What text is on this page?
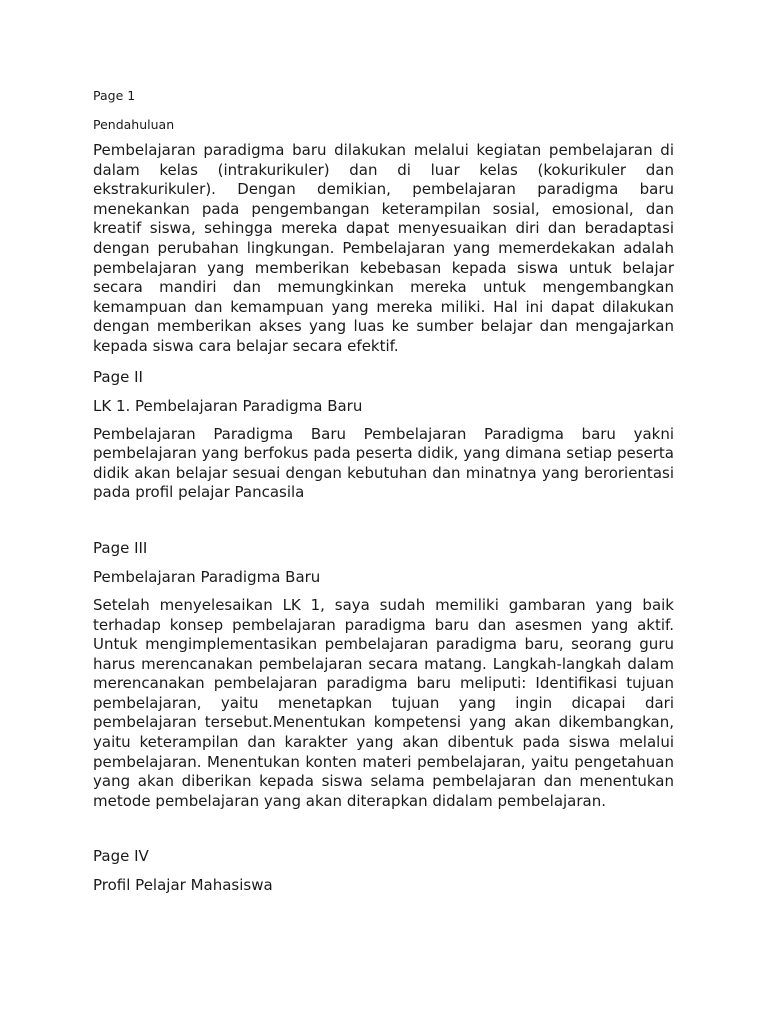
Page 1

Pendahuluan

Pembelajaran paradigma baru dilakukan melalui kegiatan pembelajaran di dalam kelas (intrakurikuler) dan di luar kelas (kokurikuler dan ekstrakurikuler). Dengan demikian, pembelajaran paradigma baru menekankan pada pengembangan keterampilan sosial, emosional, dan kreatif siswa, sehingga mereka dapat menyesuaikan diri dan beradaptasi dengan perubahan lingkungan. Pembelajaran yang memerdekakan adalah pembelajaran yang memberikan kebebasan kepada siswa untuk belajar secara mandiri dan memungkinkan mereka untuk mengembangkan kemampuan dan kemampuan yang mereka miliki. Hal ini dapat dilakukan dengan memberikan akses yang luas ke sumber belajar dan mengajarkan kepada siswa cara belajar secara efektif.

Page II

LK 1. Pembelajaran Paradigma Baru

Pembelajaran Paradigma Baru Pembelajaran Paradigma baru yakni pembelajaran yang berfokus pada peserta didik, yang dimana setiap peserta didik akan belajar sesuai dengan kebutuhan dan minatnya yang berorientasi pada profil pelajar Pancasila

Page III

Pembelajaran Paradigma Baru

Setelah menyelesaikan LK 1, saya sudah memiliki gambaran yang baik terhadap konsep pembelajaran paradigma baru dan asesmen yang aktif. Untuk mengimplementasikan pembelajaran paradigma baru, seorang guru harus merencanakan pembelajaran secara matang. Langkah-langkah dalam merencanakan pembelajaran paradigma baru meliputi: Identifikasi tujuan pembelajaran, yaitu menetapkan tujuan yang ingin dicapai dari pembelajaran tersebut.Menentukan kompetensi yang akan dikembangkan, yaitu keterampilan dan karakter yang akan dibentuk pada siswa melalui pembelajaran. Menentukan konten materi pembelajaran, yaitu pengetahuan yang akan diberikan kepada siswa selama pembelajaran dan menentukan metode pembelajaran yang akan diterapkan didalam pembelajaran.

Page IV

Profil Pelajar Mahasiswa
